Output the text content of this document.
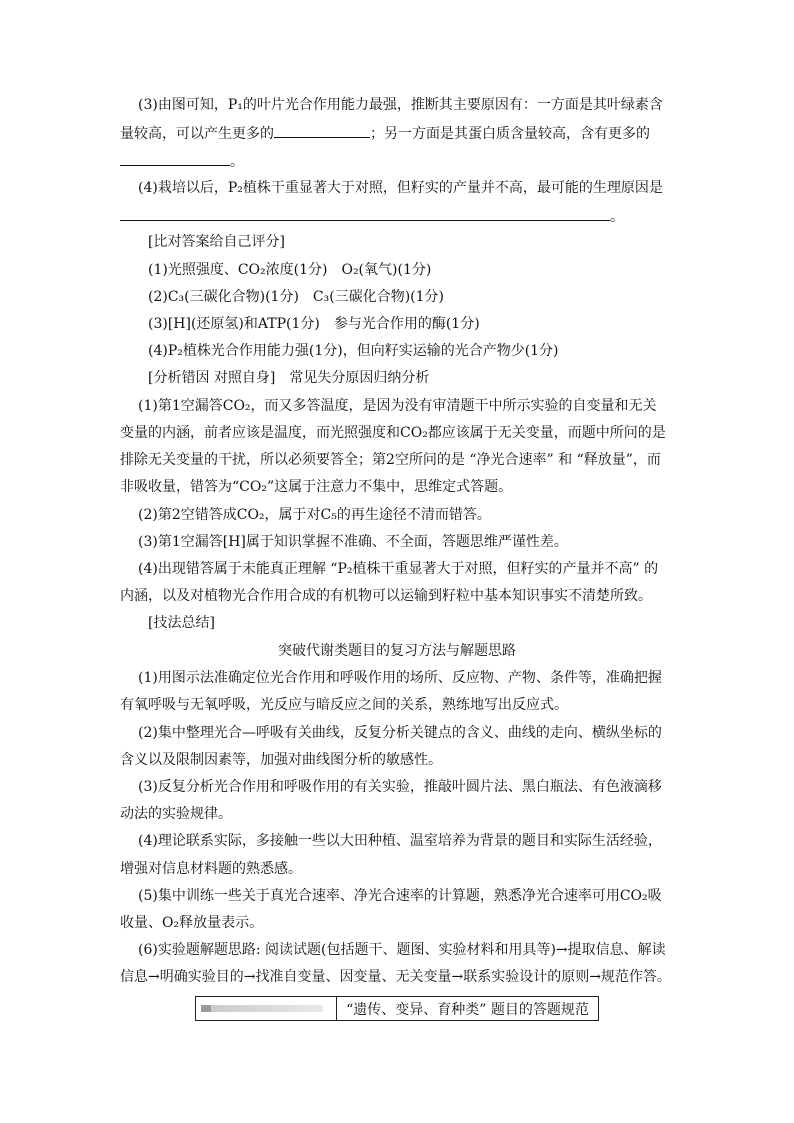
(3)由图可知，P₁的叶片光合作用能力最强，推断其主要原因有：一方面是其叶绿素含
量较高，可以产生更多的	；另一方面是其蛋白质含量较高，含有更多的
。
(4)栽培以后，P₂植株干重显著大于对照，但籽实的产量并不高，最可能的生理原因是
。
[比对答案给自己评分]
(1)光照强度、CO₂浓度(1分)　O₂(氧气)(1分)
(2)C₃(三碳化合物)(1分)　C₃(三碳化合物)(1分)
(3)[H](还原氢)和ATP(1分)　参与光合作用的酶(1分)
(4)P₂植株光合作用能力强(1分)，但向籽实运输的光合产物少(1分)
[分析错因 对照自身]　常见失分原因归纳分析
(1)第1空漏答CO₂，而又多答温度，是因为没有审清题干中所示实验的自变量和无关
变量的内涵，前者应该是温度，而光照强度和CO₂都应该属于无关变量，而题中所问的是
排除无关变量的干扰，所以必须要答全；第2空所问的是 “净光合速率” 和 “释放量”，而
非吸收量，错答为“CO₂”这属于注意力不集中，思维定式答题。
(2)第2空错答成CO₂，属于对C₅的再生途径不清而错答。
(3)第1空漏答[H]属于知识掌握不准确、不全面，答题思维严谨性差。
(4)出现错答属于未能真正理解 “P₂植株干重显著大于对照，但籽实的产量并不高” 的
内涵，以及对植物光合作用合成的有机物可以运输到籽粒中基本知识事实不清楚所致。
[技法总结]
突破代谢类题目的复习方法与解题思路
(1)用图示法准确定位光合作用和呼吸作用的场所、反应物、产物、条件等，准确把握
有氧呼吸与无氧呼吸，光反应与暗反应之间的关系，熟练地写出反应式。
(2)集中整理光合—呼吸有关曲线，反复分析关键点的含义、曲线的走向、横纵坐标的
含义以及限制因素等，加强对曲线图分析的敏感性。
(3)反复分析光合作用和呼吸作用的有关实验，推敲叶圆片法、黑白瓶法、有色液滴移
动法的实验规律。
(4)理论联系实际，多接触一些以大田种植、温室培养为背景的题目和实际生活经验，
增强对信息材料题的熟悉感。
(5)集中训练一些关于真光合速率、净光合速率的计算题，熟悉净光合速率可用CO₂吸
收量、O₂释放量表示。
(6)实验题解题思路: 阅读试题(包括题干、题图、实验材料和用具等)→提取信息、解读
信息→明确实验目的→找准自变量、因变量、无关变量→联系实验设计的原则→规范作答。
“遗传、变异、育种类” 题目的答题规范
